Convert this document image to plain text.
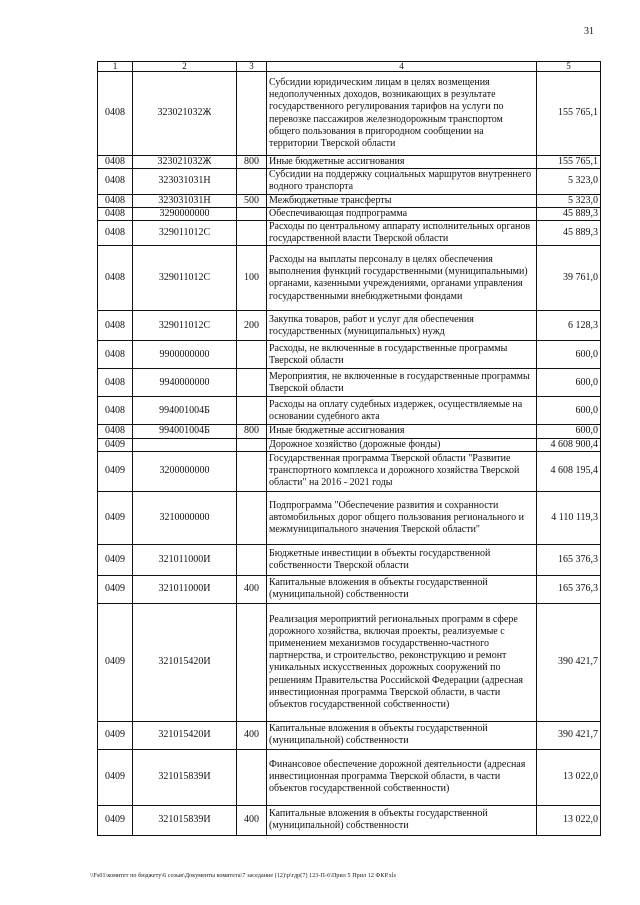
31
1	2	3	4	5
0408	323021032Ж		Субсидии юридическим лицам в целях возмещения недополученных доходов, возникающих в результате государственного регулирования тарифов на услуги по перевозке пассажиров железнодорожным транспортом общего пользования в пригородном сообщении на территории Тверской области	155 765,1
0408	323021032Ж	800	Иные бюджетные ассигнования	155 765,1
0408	323031031Н		Субсидии на поддержку социальных маршрутов внутреннего водного транспорта	5 323,0
0408	323031031Н	500	Межбюджетные трансферты	5 323,0
0408	3290000000		Обеспечивающая подпрограмма	45 889,3
0408	329011012С		Расходы по центральному аппарату исполнительных органов государственной власти Тверской области	45 889,3
0408	329011012С	100	Расходы на выплаты персоналу в целях обеспечения выполнения функций государственными (муниципальными) органами, казенными учреждениями, органами управления государственными внебюджетными фондами	39 761,0
0408	329011012С	200	Закупка товаров, работ и услуг для обеспечения государственных (муниципальных) нужд	6 128,3
0408	9900000000		Расходы, не включенные в государственные программы Тверской области	600,0
0408	9940000000		Мероприятия, не включенные в государственные программы Тверской области	600,0
0408	994001004Б		Расходы на оплату судебных издержек, осуществляемые на основании судебного акта	600,0
0408	994001004Б	800	Иные бюджетные ассигнования	600,0
0409			Дорожное хозяйство (дорожные фонды)	4 608 900,4
0409	3200000000		Государственная программа Тверской области "Развитие транспортного комплекса и дорожного хозяйства Тверской области" на 2016 - 2021 годы	4 608 195,4
0409	3210000000		Подпрограмма "Обеспечение развития и сохранности автомобильных дорог общего пользования регионального и межмуниципального значения Тверской области"	4 110 119,3
0409	321011000И		Бюджетные инвестиции в объекты государственной собственности Тверской области	165 376,3
0409	321011000И	400	Капитальные вложения в объекты государственной (муниципальной) собственности	165 376,3
0409	321015420И		Реализация мероприятий региональных программ в сфере дорожного хозяйства, включая проекты, реализуемые с применением механизмов государственно-частного партнерства, и строительство, реконструкцию и ремонт уникальных искусственных дорожных сооружений по решениям Правительства Российской Федерации (адресная инвестиционная программа Тверской области, в части объектов государственной собственности)	390 421,7
0409	321015420И	400	Капитальные вложения в объекты государственной (муниципальной) собственности	390 421,7
0409	321015839И		Финансовое обеспечение дорожной деятельности (адресная инвестиционная программа Тверской области, в части объектов государственной собственности)	13 022,0
0409	321015839И	400	Капитальные вложения в объекты государственной (муниципальной) собственности	13 022,0
\\Fs01\комитет по бюджету\6 созыв\Документы комитета\7 заседание (12)\p\гдр(7) 123-П-6\Прил 5 Прил 12 ФКР.xls
